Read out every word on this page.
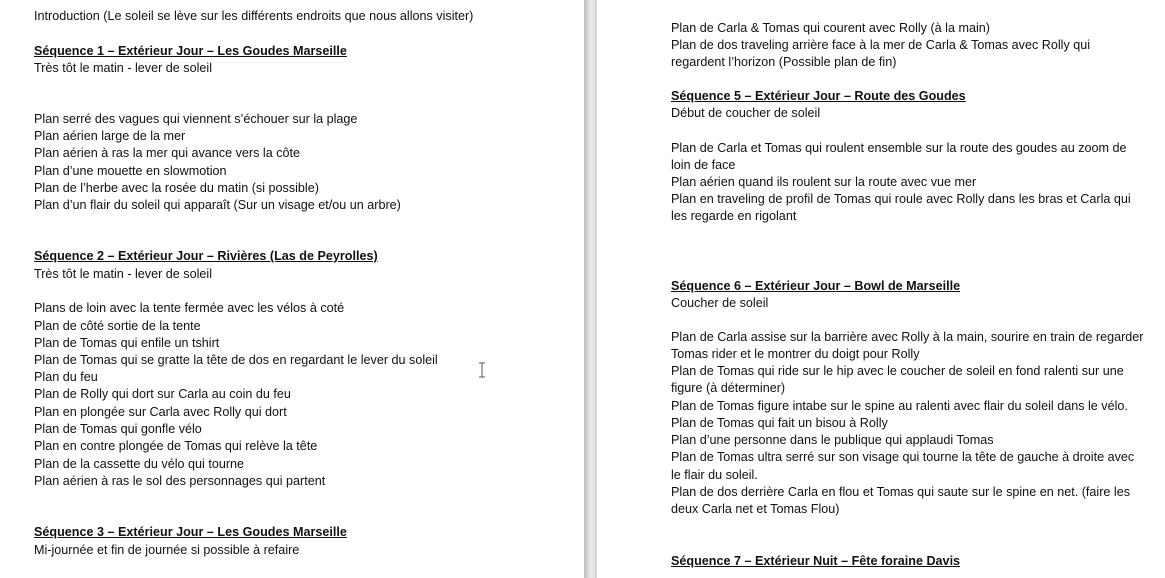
Introduction (Le soleil se lève sur les différents endroits que nous allons visiter)
Séquence 1 – Extérieur Jour – Les Goudes Marseille
Très tôt le matin - lever de soleil
Plan serré des vagues qui viennent s’échouer sur la plage
Plan aérien large de la mer
Plan aérien à ras la mer qui avance vers la côte
Plan d’une mouette en slowmotion
Plan de l’herbe avec la rosée du matin (si possible)
Plan d’un flair du soleil qui apparaît (Sur un visage et/ou un arbre)
Séquence 2 – Extérieur Jour – Rivières (Las de Peyrolles)
Très tôt le matin - lever de soleil
Plans de loin avec la tente fermée avec les vélos à coté
Plan de côté sortie de la tente
Plan de Tomas qui enfile un tshirt
Plan de Tomas qui se gratte la tête de dos en regardant le lever du soleil
Plan du feu
Plan de Rolly qui dort sur Carla au coin du feu
Plan en plongée sur Carla avec Rolly qui dort
Plan de Tomas qui gonfle vélo
Plan en contre plongée de Tomas qui relève la tête
Plan de la cassette du vélo qui tourne
Plan aérien à ras le sol des personnages qui partent
Séquence 3 – Extérieur Jour – Les Goudes Marseille
Mi-journée et fin de journée si possible à refaire
Plan de Carla & Tomas qui courent avec Rolly (à la main)
Plan de dos traveling arrière face à la mer de Carla & Tomas avec Rolly qui
regardent l’horizon (Possible plan de fin)
Séquence 5 – Extérieur Jour – Route des Goudes
Début de coucher de soleil
Plan de Carla et Tomas qui roulent ensemble sur la route des goudes au zoom de
loin de face
Plan aérien quand ils roulent sur la route avec vue mer
Plan en traveling de profil de Tomas qui roule avec Rolly dans les bras et Carla qui
les regarde en rigolant
Séquence 6 – Extérieur Jour – Bowl de Marseille
Coucher de soleil
Plan de Carla assise sur la barrière avec Rolly à la main, sourire en train de regarder
Tomas rider et le montrer du doigt pour Rolly
Plan de Tomas qui ride sur le hip avec le coucher de soleil en fond ralenti sur une
figure (à déterminer)
Plan de Tomas figure intabe sur le spine au ralenti avec flair du soleil dans le vélo.
Plan de Tomas qui fait un bisou à Rolly
Plan d’une personne dans le publique qui applaudi Tomas
Plan de Tomas ultra serré sur son visage qui tourne la tête de gauche à droite avec
le flair du soleil.
Plan de dos derrière Carla en flou et Tomas qui saute sur le spine en net. (faire les
deux Carla net et Tomas Flou)
Séquence 7 – Extérieur Nuit – Fête foraine Davis
